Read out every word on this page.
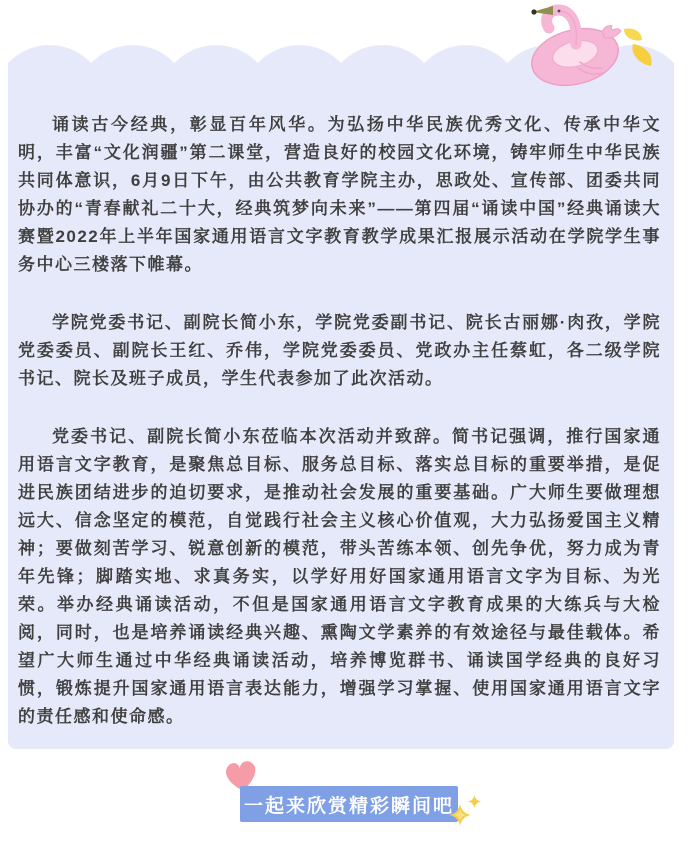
诵读古今经典，彰显百年风华。为弘扬中华民族优秀文化、传承中华文明，丰富“文化润疆”第二课堂，营造良好的校园文化环境，铸牢师生中华民族共同体意识，6月9日下午，由公共教育学院主办，思政处、宣传部、团委共同协办的“青春献礼二十大，经典筑梦向未来”——第四届“诵读中国”经典诵读大赛暨2022年上半年国家通用语言文字教育教学成果汇报展示活动在学院学生事务中心三楼落下帷幕。

学院党委书记、副院长简小东，学院党委副书记、院长古丽娜·肉孜，学院党委委员、副院长王红、乔伟，学院党委委员、党政办主任蔡虹，各二级学院书记、院长及班子成员，学生代表参加了此次活动。

党委书记、副院长简小东莅临本次活动并致辞。简书记强调，推行国家通用语言文字教育，是聚焦总目标、服务总目标、落实总目标的重要举措，是促进民族团结进步的迫切要求，是推动社会发展的重要基础。广大师生要做理想远大、信念坚定的模范，自觉践行社会主义核心价值观，大力弘扬爱国主义精神；要做刻苦学习、锐意创新的模范，带头苦练本领、创先争优，努力成为青年先锋；脚踏实地、求真务实，以学好用好国家通用语言文字为目标、为光荣。举办经典诵读活动，不但是国家通用语言文字教育成果的大练兵与大检阅，同时，也是培养诵读经典兴趣、熏陶文学素养的有效途径与最佳载体。希望广大师生通过中华经典诵读活动，培养博览群书、诵读国学经典的良好习惯，锻炼提升国家通用语言表达能力，增强学习掌握、使用国家通用语言文字的责任感和使命感。

一起来欣赏精彩瞬间吧
